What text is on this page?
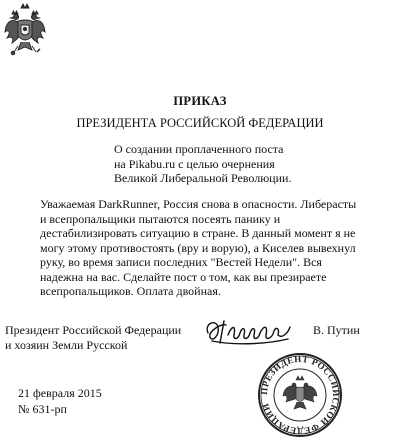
ПРИКАЗ
ПРЕЗИДЕНТА РОССИЙСКОЙ ФЕДЕРАЦИИ
О создании проплаченного поста
на Pikabu.ru с целью очернения
Великой Либеральной Революции.
Уважаемая DarkRunner, Россия снова в опасности. Либерасты
и всепропальщики пытаются посеять панику и
дестабилизировать ситуацию в стране. В данный момент я не
могу этому противостоять (вру и ворую), а Киселев вывехнул
руку, во время записи последних "Вестей Недели". Вся
надежна на вас. Сделайте пост о том, как вы презираете
всепропальщиков. Оплата двойная.
Президент Российской Федерации
и хозяин Земли Русской
В. Путин
ПРЕЗИДЕНТ РОССИЙСКОЙ ФЕДЕРАЦИИ
21 февраля 2015
№ 631-рп
